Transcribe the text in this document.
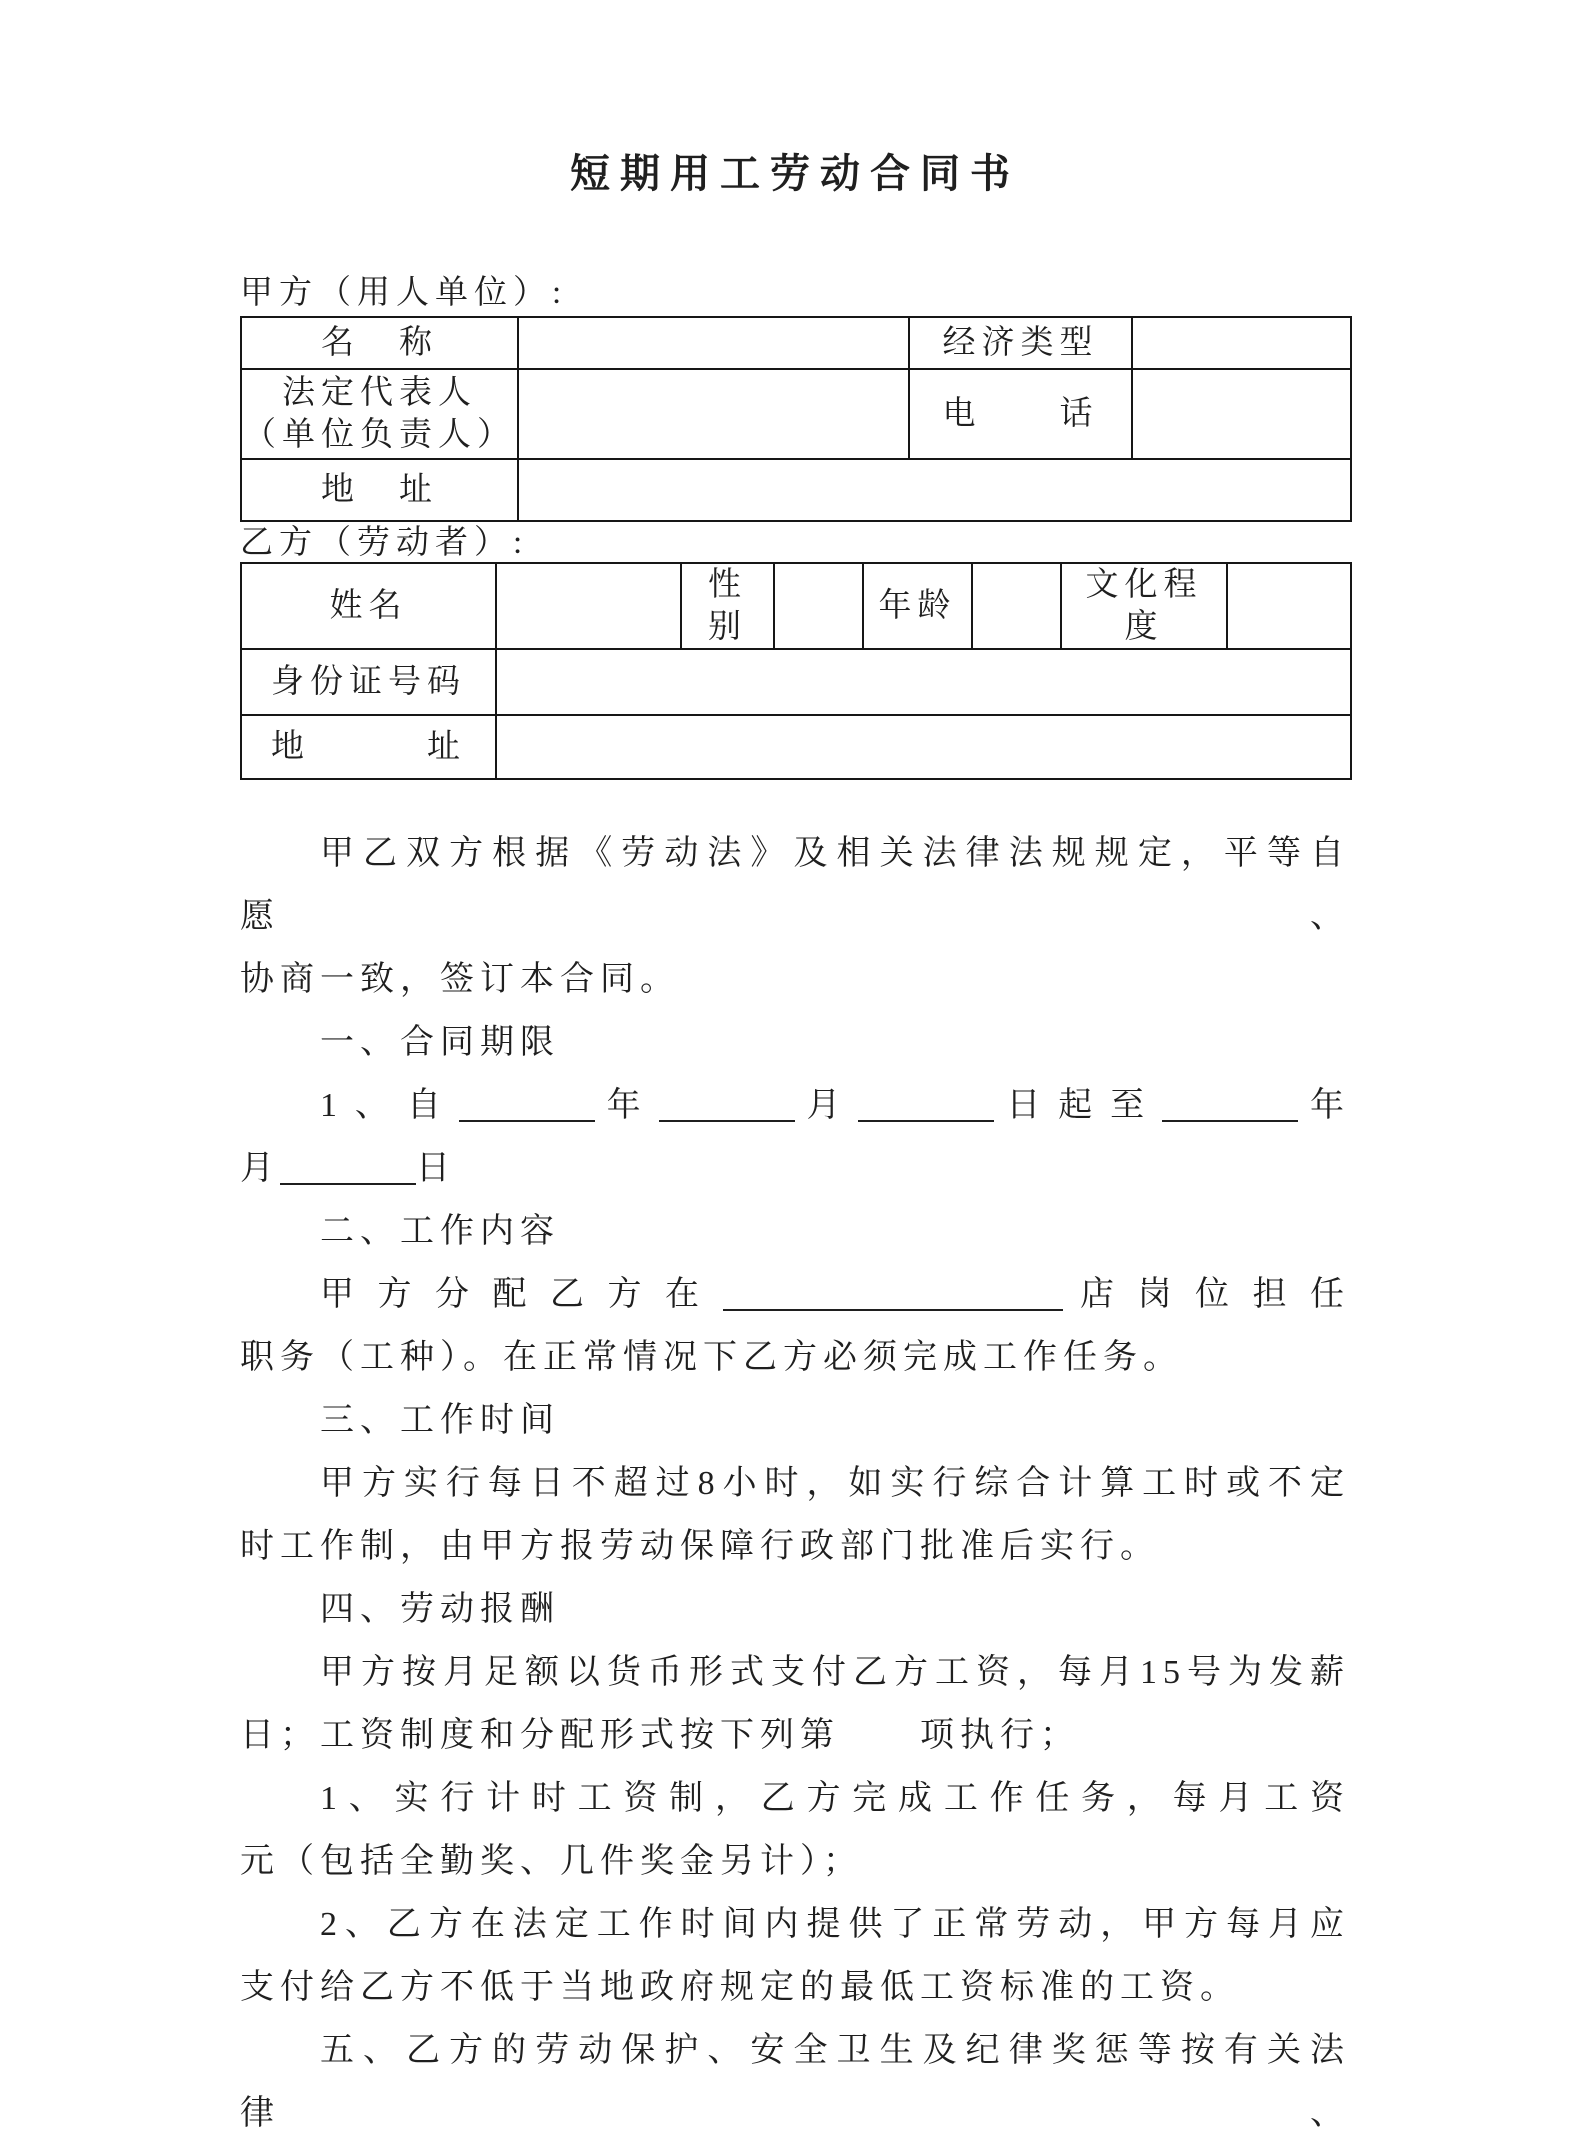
短期用工劳动合同书
甲方（用人单位）:
名　称		经济类型	

法定代表人
（单位负责人）		电　　话	
地　址			
乙方（劳动者）:
姓名		性别		年龄		文化程度	

身份证号码							
地　　　址							
甲乙双方根据《劳动法》及相关法律法规规定，平等自愿、
协商一致，签订本合同。
一、合同期限
1、自	年	月	日起至	年
月	日
二、工作内容
甲方分配乙方在	店岗位担任
职务（工种）。在正常情况下乙方必须完成工作任务。
三、工作时间
甲方实行每日不超过8小时，如实行综合计算工时或不定
时工作制，由甲方报劳动保障行政部门批准后实行。
四、劳动报酬
甲方按月足额以货币形式支付乙方工资，每月15号为发薪
日；工资制度和分配形式按下列第　　项执行；
1、实行计时工资制，乙方完成工作任务，每月工资
元（包括全勤奖、几件奖金另计）；
2、乙方在法定工作时间内提供了正常劳动，甲方每月应
支付给乙方不低于当地政府规定的最低工资标准的工资。
五、乙方的劳动保护、安全卫生及纪律奖惩等按有关法律、
